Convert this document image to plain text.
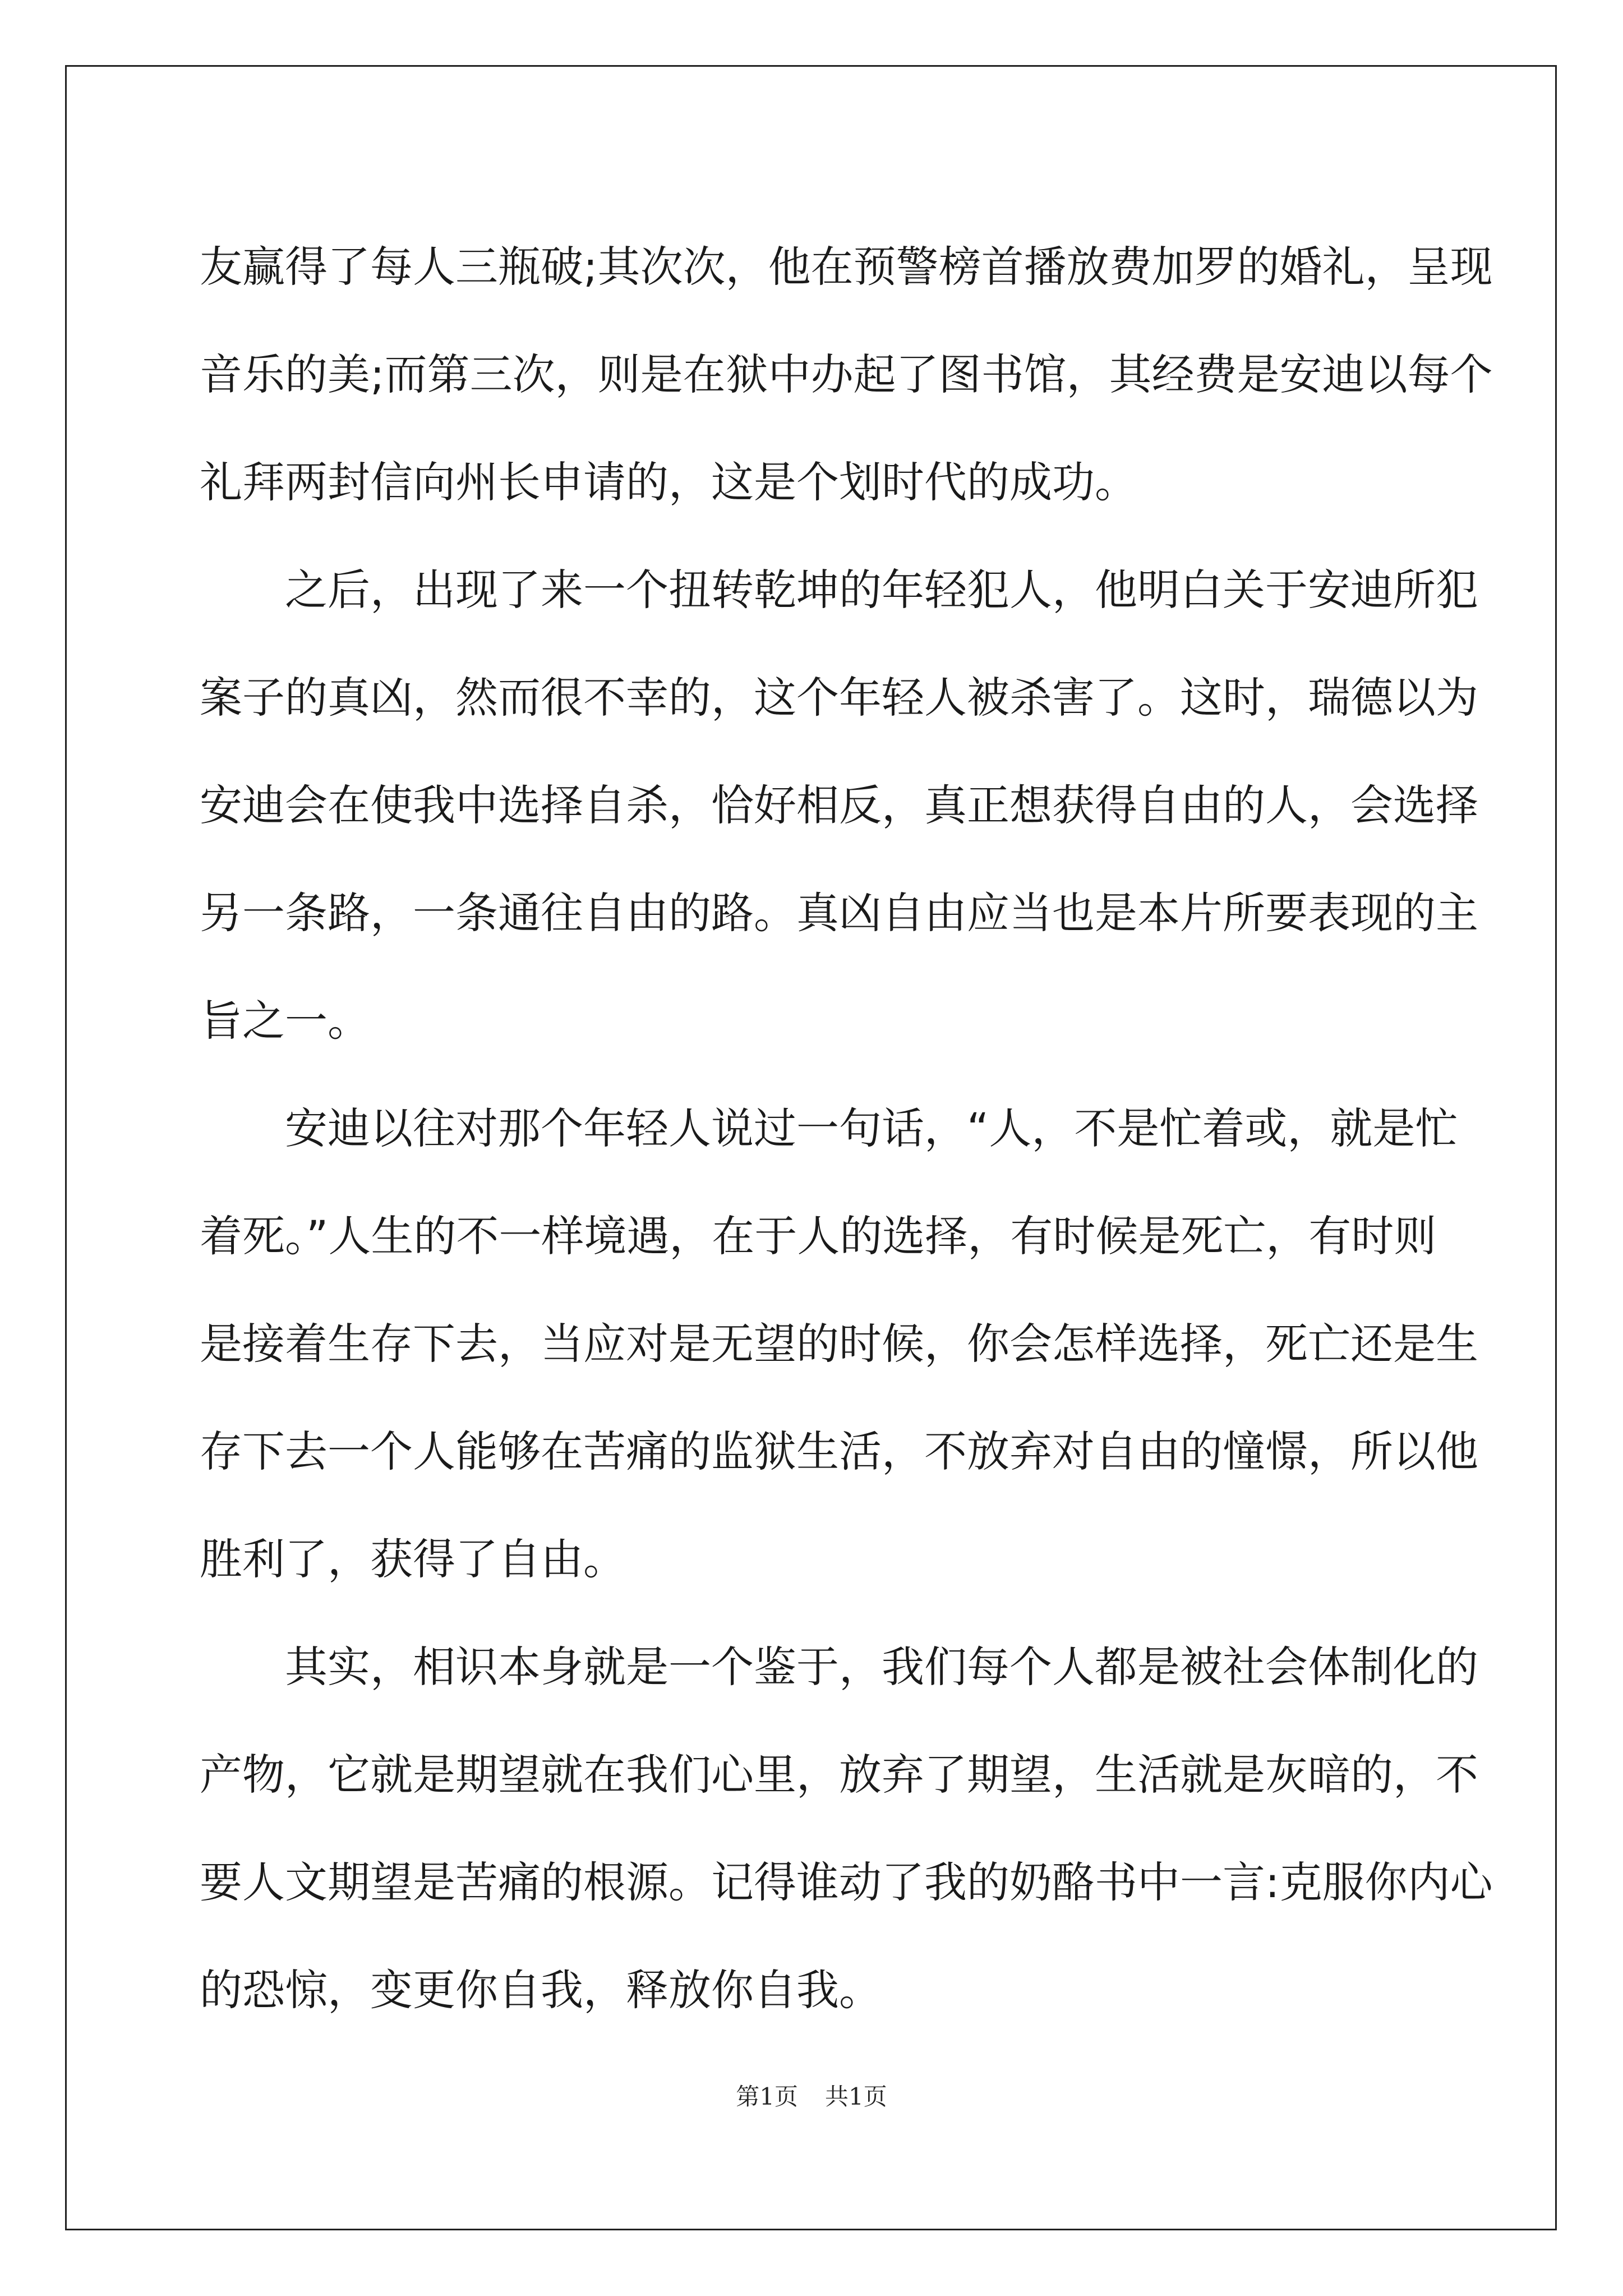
友赢得了每人三瓶破;其次次，他在预警榜首播放费加罗的婚礼，呈现
音乐的美;而第三次，则是在狱中办起了图书馆，其经费是安迪以每个
礼拜两封信向州长申请的，这是个划时代的成功。
之后，出现了来一个扭转乾坤的年轻犯人，他明白关于安迪所犯
案子的真凶，然而很不幸的，这个年轻人被杀害了。这时，瑞德以为
安迪会在使我中选择自杀，恰好相反，真正想获得自由的人，会选择
另一条路，一条通往自由的路。真凶自由应当也是本片所要表现的主
旨之一。
安迪以往对那个年轻人说过一句话，“人，不是忙着或，就是忙
着死。”人生的不一样境遇，在于人的选择，有时候是死亡，有时则
是接着生存下去，当应对是无望的时候，你会怎样选择，死亡还是生
存下去一个人能够在苦痛的监狱生活，不放弃对自由的憧憬，所以他
胜利了，获得了自由。
其实，相识本身就是一个鉴于，我们每个人都是被社会体制化的
产物，它就是期望就在我们心里，放弃了期望，生活就是灰暗的，不
要人文期望是苦痛的根源。记得谁动了我的奶酪书中一言:克服你内心
的恐惊，变更你自我，释放你自我。
第1页 共1页
